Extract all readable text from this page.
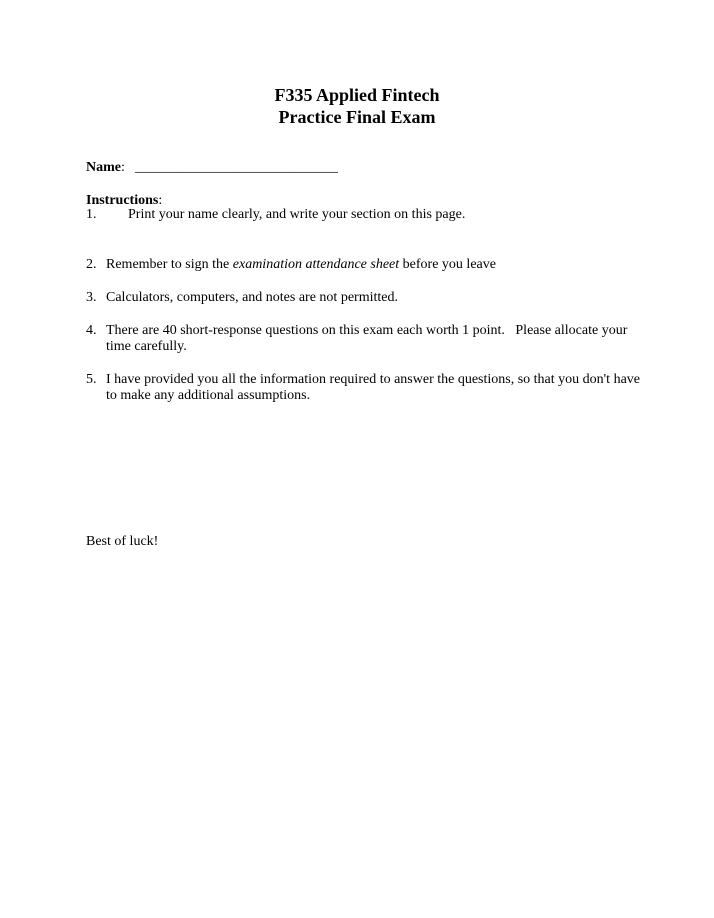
F335 Applied Fintech
Practice Final Exam
Name: _____________________________
Instructions:
1. Print your name clearly, and write your section on this page.
2. Remember to sign the examination attendance sheet before you leave
3. Calculators, computers, and notes are not permitted.
4. There are 40 short-response questions on this exam each worth 1 point.   Please allocate your time carefully.
5. I have provided you all the information required to answer the questions, so that you don't have to make any additional assumptions.
Best of luck!
